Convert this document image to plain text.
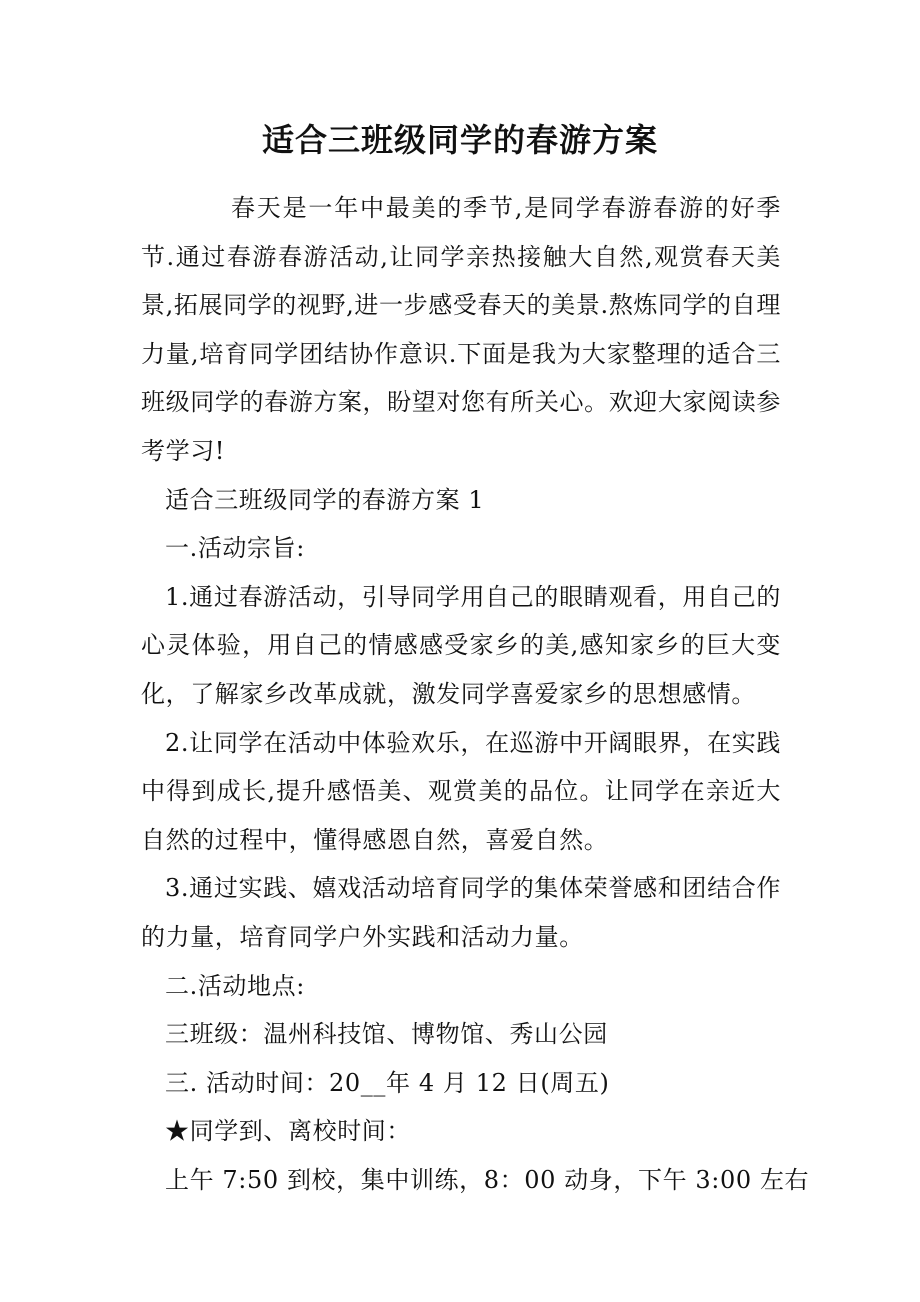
适合三班级同学的春游方案

春天是一年中最美的季节,是同学春游春游的好季节.通过春游春游活动,让同学亲热接触大自然,观赏春天美景,拓展同学的视野,进一步感受春天的美景.熬炼同学的自理力量,培育同学团结协作意识.下面是我为大家整理的适合三班级同学的春游方案，盼望对您有所关心。欢迎大家阅读参考学习!

适合三班级同学的春游方案 1

一.活动宗旨:

1.通过春游活动，引导同学用自己的眼睛观看，用自己的心灵体验，用自己的情感感受家乡的美,感知家乡的巨大变化，了解家乡改革成就，激发同学喜爱家乡的思想感情。

2.让同学在活动中体验欢乐，在巡游中开阔眼界，在实践中得到成长,提升感悟美、观赏美的品位。让同学在亲近大自然的过程中，懂得感恩自然，喜爱自然。

3.通过实践、嬉戏活动培育同学的集体荣誉感和团结合作的力量，培育同学户外实践和活动力量。

二.活动地点:

三班级：温州科技馆、博物馆、秀山公园

三. 活动时间：20__年 4 月 12 日(周五)

★同学到、离校时间：

上午 7:50 到校，集中训练，8：00 动身，下午 3:00 左右
